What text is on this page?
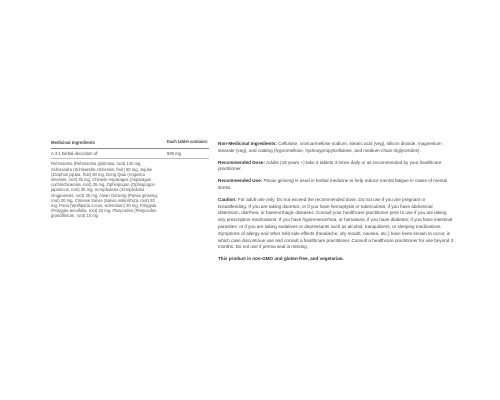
Medicinal Ingredients	Each tablet contains:
A 4:1 herbal decoction of:	500 mg
Rehmannia (Rehmannia glutinosa, root) 140 mg, Schisandra (Schisandra chinensis, fruit) 60 mg, Jujube (Ziziphus jujuba, fruit) 60 mg, Dong Quai (Angelica sinensis, root) 35 mg, Chinese Asparagus (Asparagus cochinchinensis, root) 35 mg, Ophiopogon (Ophiopogon japonicus, root) 35 mg, Scrophularia (Scrophularia ningpoensis, root) 35 mg, Asian Ginseng (Panax ginseng, root) 20 mg, Chinese Salvia (Salvia miltiorrhiza, root) 20 mg, Poria (Wolfiporia cocos, sclerotium) 20 mg, Polygala (Polygala tenuifolia, root) 20 mg, Platycodon (Platycodon grandiflorum, root) 15 mg

Non-Medicinal Ingredients: Cellulose, croscarmellose sodium, stearic acid (veg), silicon dioxide, magnesium stearate (veg), and coating (hypromellose, hydroxypropylcellulose, and medium-chain triglycerides).

Recommended Dose: Adults (19 years +) take 3 tablets 3 times daily or as recommended by your healthcare practitioner.

Recommended Use: Panax ginseng is used in herbal medicine to help reduce mental fatigue in cases of mental stress.

Caution: For adult use only. Do not exceed the recommended dose. Do not use if you are pregnant or breastfeeding. If you are taking diuretics, or if you have hemoptysis or tuberculosis, if you have abdominal distension, diarrhea, or haemorrhagic diseases. Consult your healthcare practitioner prior to use if you are taking any prescription medications. If you have hypermenorrhea, or hematuria, if you have diabetes; if you have intestinal parasites; or if you are taking sedatives or depressants such as alcohol, tranquilizers, or sleeping medications. Symptoms of allergy and other mild side effects (headache, dry mouth, nausea, etc.) have been known to occur, in which case discontinue use and consult a healthcare practitioner. Consult a healthcare practitioner for use beyond 3 months. Do not use if perma seal is missing.

This product is non-GMO and gluten-free, and vegetarian.
